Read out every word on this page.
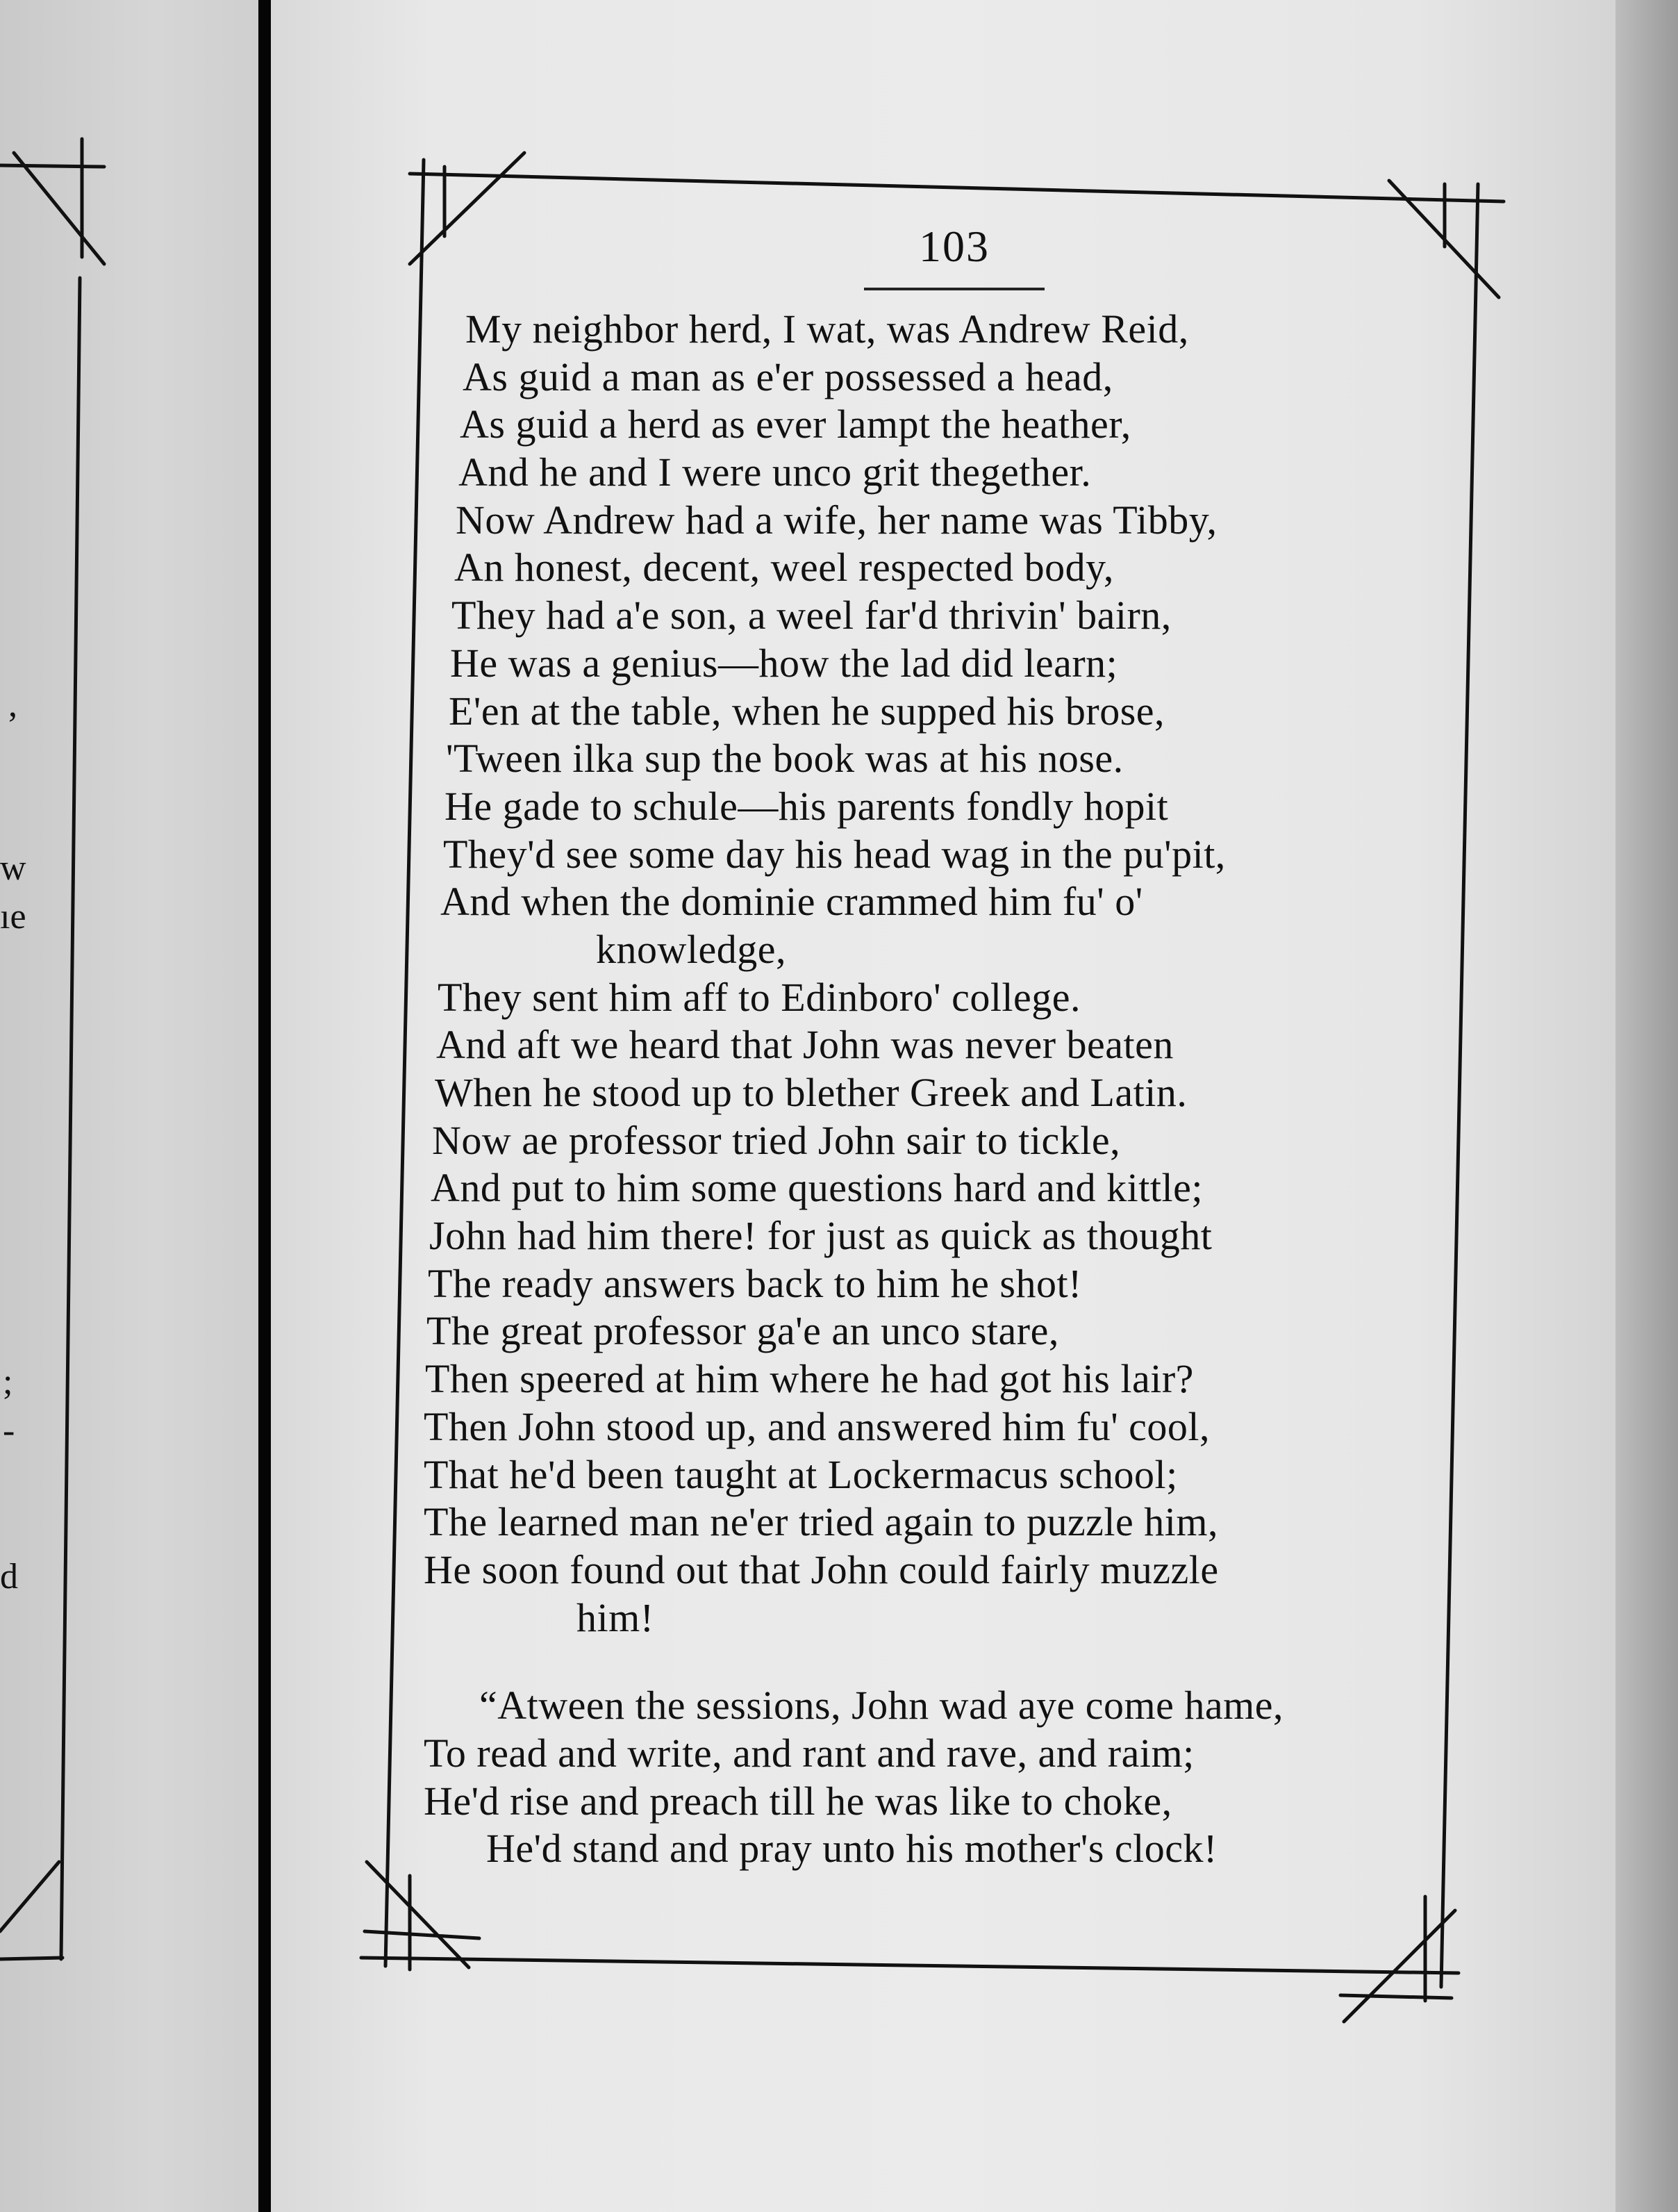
,
w
ıe
;
-
d
103
My neighbor herd, I wat, was Andrew Reid,
As guid a man as e'er possessed a head,
As guid a herd as ever lampt the heather,
And he and I were unco grit thegether.
Now Andrew had a wife, her name was Tibby,
An honest, decent, weel respected body,
They had a'e son, a weel far'd thrivin' bairn,
He was a genius—how the lad did learn;
E'en at the table, when he supped his brose,
'Tween ilka sup the book was at his nose.
He gade to schule—his parents fondly hopit
They'd see some day his head wag in the pu'pit,
And when the dominie crammed him fu' o'
knowledge,
They sent him aff to Edinboro' college.
And aft we heard that John was never beaten
When he stood up to blether Greek and Latin.
Now ae professor tried John sair to tickle,
And put to him some questions hard and kittle;
John had him there! for just as quick as thought
The ready answers back to him he shot!
The great professor ga'e an unco stare,
Then speered at him where he had got his lair?
Then John stood up, and answered him fu' cool,
That he'd been taught at Lockermacus school;
The learned man ne'er tried again to puzzle him,
He soon found out that John could fairly muzzle
him!
“Atween the sessions, John wad aye come hame,
To read and write, and rant and rave, and raim;
He'd rise and preach till he was like to choke,
He'd stand and pray unto his mother's clock!
